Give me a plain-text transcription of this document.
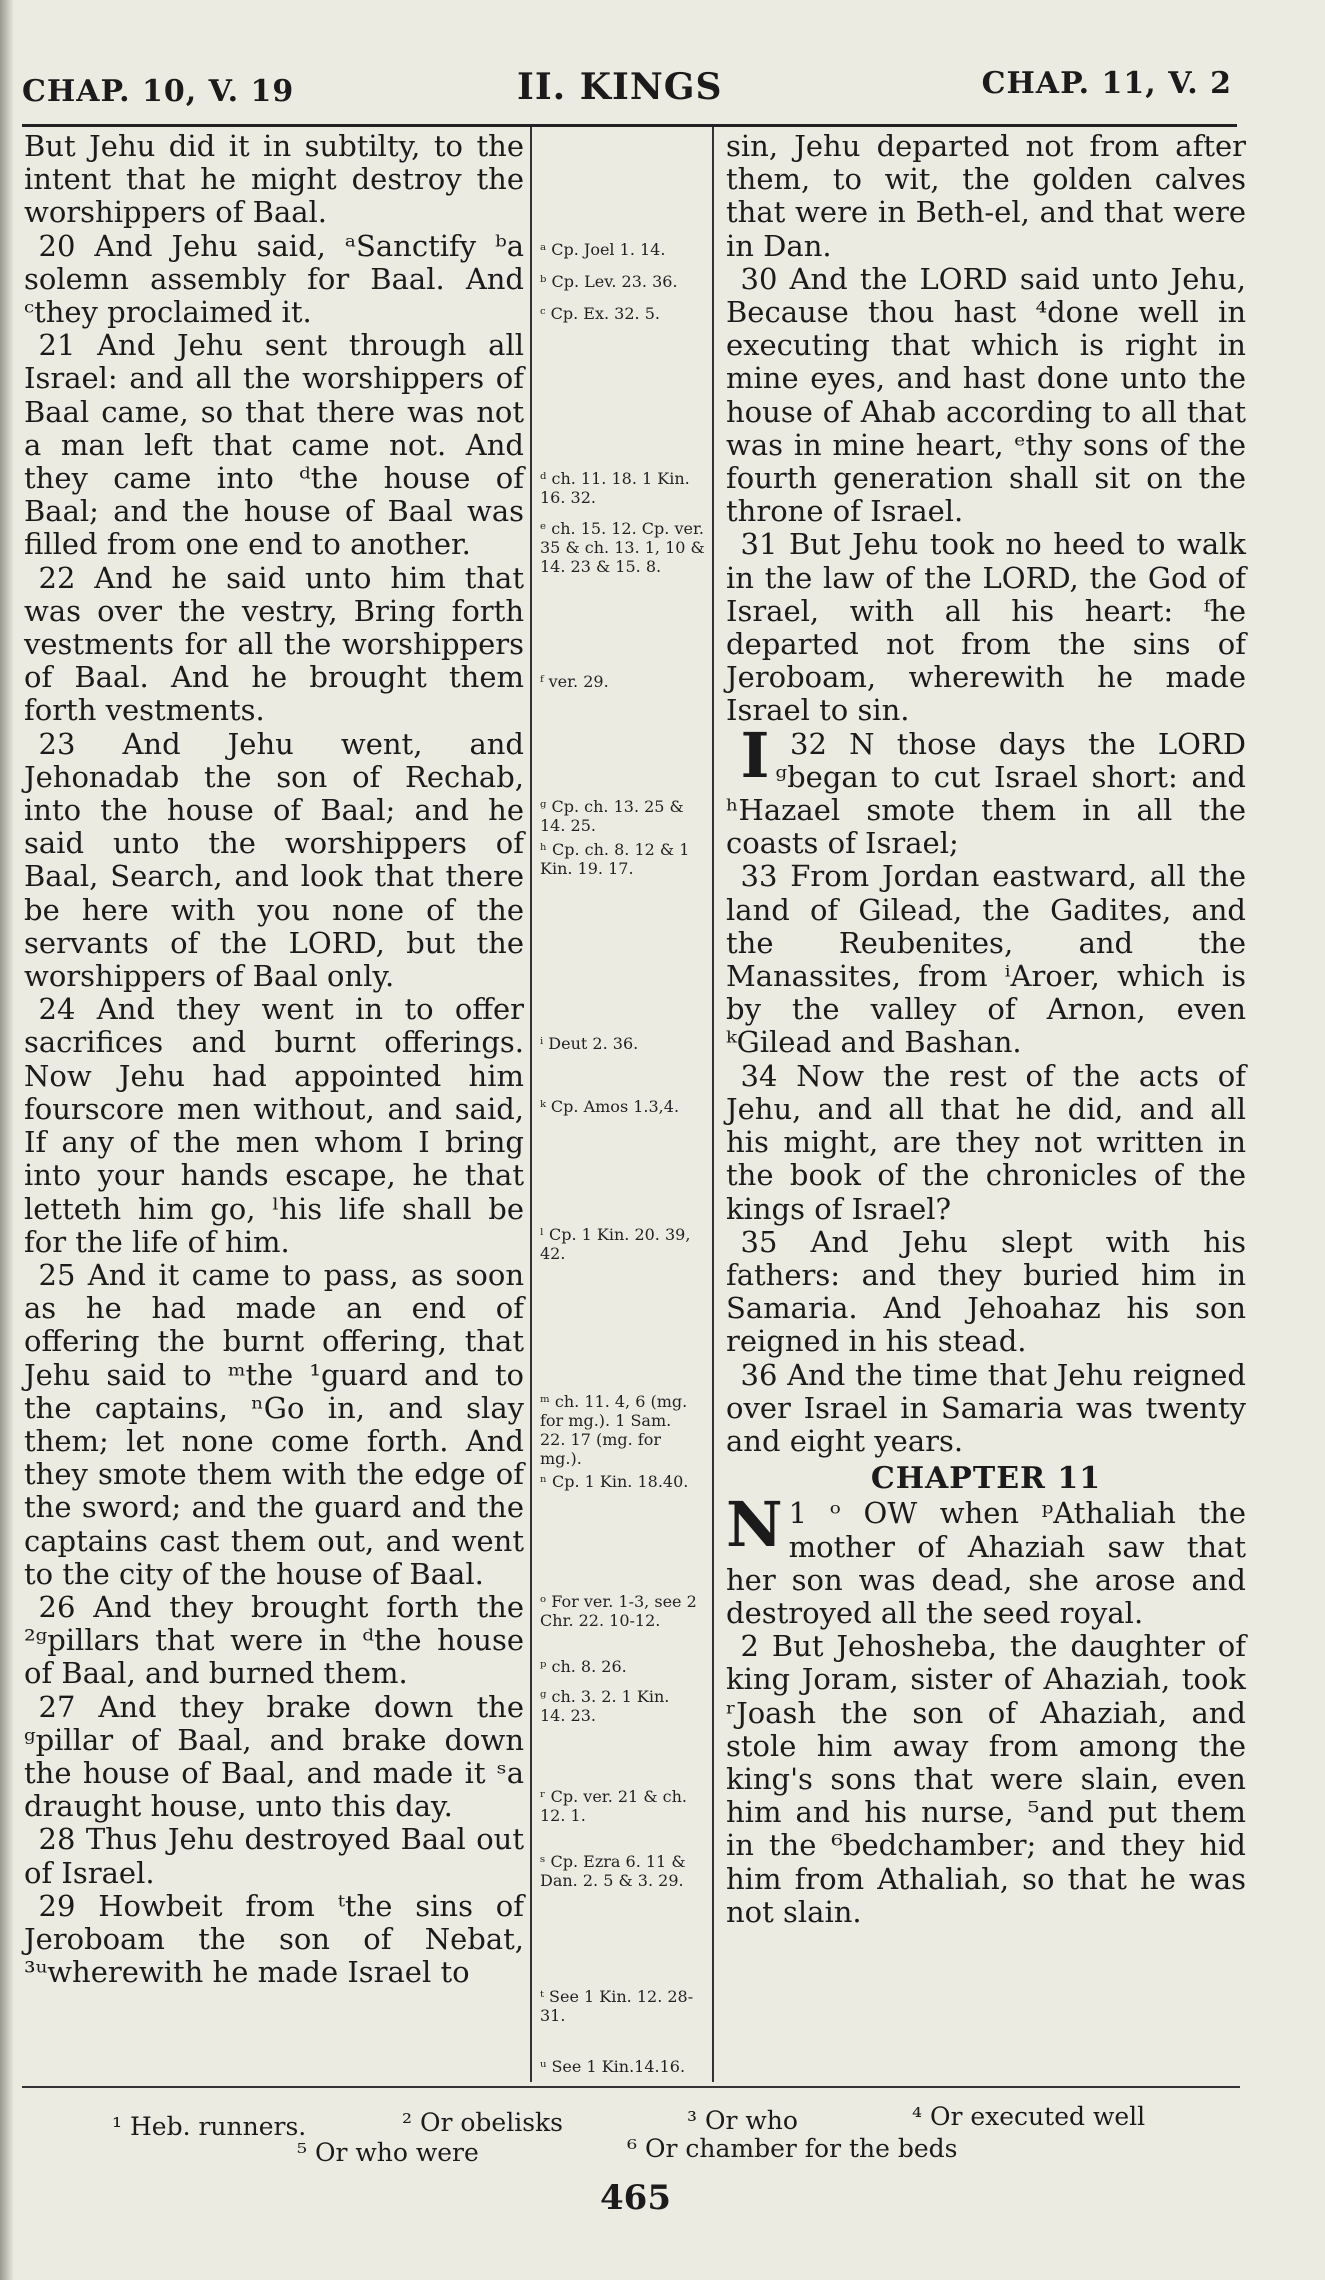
CHAP. 10, V. 19	II. KINGS	CHAP. 11, V. 2

But Jehu did it in subtilty, to the intent that he might destroy the worshippers of Baal.

20 And Jehu said, ᵃSanctify ᵇa solemn assembly for Baal. And ᶜthey proclaimed it.

21 And Jehu sent through all Israel: and all the worshippers of Baal came, so that there was not a man left that came not. And they came into ᵈthe house of Baal; and the house of Baal was filled from one end to another.

22 And he said unto him that was over the vestry, Bring forth vestments for all the worshippers of Baal. And he brought them forth vestments.

23 And Jehu went, and Jehonadab the son of Rechab, into the house of Baal; and he said unto the worshippers of Baal, Search, and look that there be here with you none of the servants of the LORD, but the worshippers of Baal only.

24 And they went in to offer sacrifices and burnt offerings. Now Jehu had appointed him fourscore men without, and said, If any of the men whom I bring into your hands escape, he that letteth him go, ˡhis life shall be for the life of him.

25 And it came to pass, as soon as he had made an end of offering the burnt offering, that Jehu said to ᵐthe ¹guard and to the captains, ⁿGo in, and slay them; let none come forth. And they smote them with the edge of the sword; and the guard and the captains cast them out, and went to the city of the house of Baal.

26 And they brought forth the ²ᵍpillars that were in ᵈthe house of Baal, and burned them.

27 And they brake down the ᵍpillar of Baal, and brake down the house of Baal, and made it ˢa draught house, unto this day.

28 Thus Jehu destroyed Baal out of Israel.

29 Howbeit from ᵗthe sins of Jeroboam the son of Nebat, ³ᵘwherewith he made Israel to

ᵃ Cp. Joel 1. 14.
ᵇ Cp. Lev. 23. 36.
ᶜ Cp. Ex. 32. 5.
ᵈ ch. 11. 18. 1 Kin. 16. 32.
ᵉ ch. 15. 12. Cp. ver. 35 & ch. 13. 1, 10 & 14. 23 & 15. 8.
ᶠ ver. 29.
ᵍ Cp. ch. 13. 25 & 14. 25.
ʰ Cp. ch. 8. 12 & 1 Kin. 19. 17.
ⁱ Deut 2. 36.
ᵏ Cp. Amos 1.3,4.
ˡ Cp. 1 Kin. 20. 39, 42.
ᵐ ch. 11. 4, 6 (mg. for mg.). 1 Sam. 22. 17 (mg. for mg.).
ⁿ Cp. 1 Kin. 18.40.
ᵒ For ver. 1-3, see 2 Chr. 22. 10-12.
ᵖ ch. 8. 26.
ᵍ ch. 3. 2. 1 Kin. 14. 23.
ʳ Cp. ver. 21 & ch. 12. 1.
ˢ Cp. Ezra 6. 11 & Dan. 2. 5 & 3. 29.
ᵗ See 1 Kin. 12. 28-31.
ᵘ See 1 Kin.14.16.

sin, Jehu departed not from after them, to wit, the golden calves that were in Beth-el, and that were in Dan.

30 And the LORD said unto Jehu, Because thou hast ⁴done well in executing that which is right in mine eyes, and hast done unto the house of Ahab according to all that was in mine heart, ᵉthy sons of the fourth generation shall sit on the throne of Israel.

31 But Jehu took no heed to walk in the law of the LORD, the God of Israel, with all his heart: ᶠhe departed not from the sins of Jeroboam, wherewith he made Israel to sin.

32
I	N those days the LORD ᵍbegan to cut Israel short: and ʰHazael smote them in all the coasts of Israel;

33 From Jordan eastward, all the land of Gilead, the Gadites, and the Reubenites, and the Manassites, from ⁱAroer, which is by the valley of Arnon, even ᵏGilead and Bashan.

34 Now the rest of the acts of Jehu, and all that he did, and all his might, are they not written in the book of the chronicles of the kings of Israel?

35 And Jehu slept with his fathers: and they buried him in Samaria. And Jehoahaz his son reigned in his stead.

36 And the time that Jehu reigned over Israel in Samaria was twenty and eight years.

CHAPTER 11

1 ᵒ
N	OW when ᵖAthaliah the mother of Ahaziah saw that her son was dead, she arose and destroyed all the seed royal.

2 But Jehosheba, the daughter of king Joram, sister of Ahaziah, took ʳJoash the son of Ahaziah, and stole him away from among the king's sons that were slain, even him and his nurse, ⁵and put them in the ⁶bedchamber; and they hid him from Athaliah, so that he was not slain.

¹ Heb. runners.	² Or obelisks	³ Or who	⁴ Or executed well
⁵ Or who were	⁶ Or chamber for the beds
465
